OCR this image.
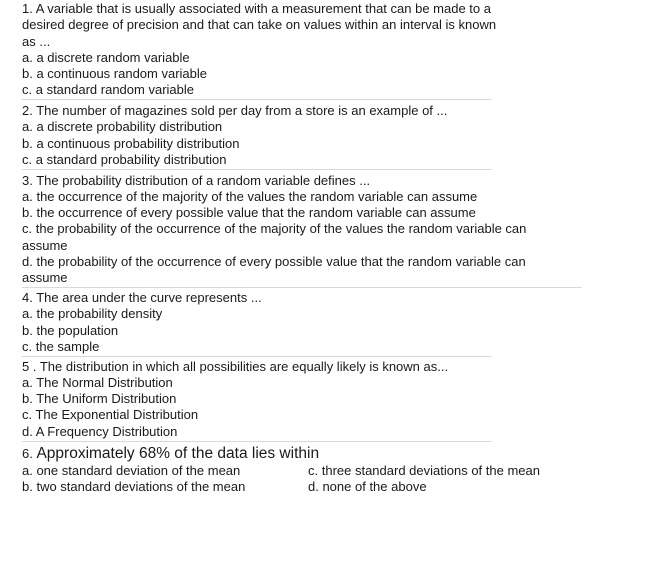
1. A variable that is usually associated with a measurement that can be made to a
desired degree of precision and that can take on values within an interval is known
as ...
a. a discrete random variable
b. a continuous random variable
c. a standard random variable
2. The number of magazines sold per day from a store is an example of ...
a. a discrete probability distribution
b. a continuous probability distribution
c. a standard probability distribution
3. The probability distribution of a random variable defines ...
a. the occurrence of the majority of the values the random variable can assume
b. the occurrence of every possible value that the random variable can assume
c. the probability of the occurrence of the majority of the values the random variable can
assume
d. the probability of the occurrence of every possible value that the random variable can
assume
4. The area under the curve represents ...
a. the probability density
b. the population
c. the sample
5 . The distribution in which all possibilities are equally likely is known as...
a. The Normal Distribution
b. The Uniform Distribution
c. The Exponential Distribution
d. A Frequency Distribution
6. Approximately 68% of the data lies within
a. one standard deviation of the mean	c. three standard deviations of the mean
b. two standard deviations of the mean	d. none of the above
